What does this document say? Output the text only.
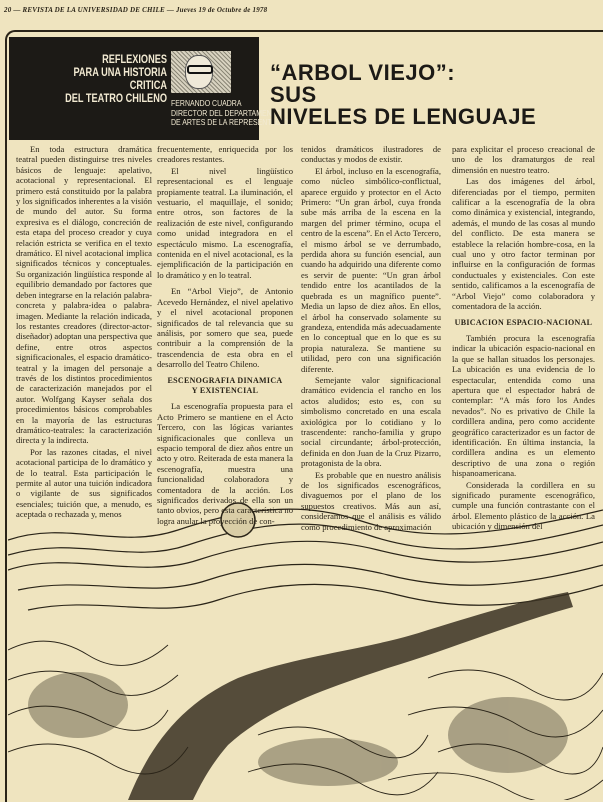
20 — REVISTA DE LA UNIVERSIDAD DE CHILE — Jueves 19 de Octubre de 1978
REFLEXIONES
PARA UNA HISTORIA CRITICA
DEL TEATRO CHILENO FERNANDO CUADRA
DIRECTOR DEL DEPARTAMENTO
DE ARTES DE LA REPRESENTACION
“ARBOL VIEJO”:
SUS
NIVELES DE LENGUAJE

En toda estructura dramática teatral pueden distinguirse tres niveles básicos de lenguaje: apelativo, acotacional y representacional. El primero está constituido por la palabra y los significados inherentes a la visión de mundo del autor. Su forma expresiva es el diálogo, concreción de esta etapa del proceso creador y cuya relación estricta se verifica en el texto dramático. El nivel acotacional implica significados técnicos y conceptuales. Su organización lingüística responde al equilibrio demandado por factores que deben integrarse en la relación palabra-concreta y palabra-idea o palabra-imagen. Mediante la relación indicada, los restantes creadores (director-actor-diseñador) adoptan una perspectiva que define, entre otros aspectos significacionales, el espacio dramático-teatral y la imagen del personaje a través de los distintos procedimientos de caracterización manejados por el autor. Wolfgang Kayser señala dos procedimientos básicos comprobables en la mayoría de las estructuras dramático-teatrales: la caracterización directa y la indirecta.

Por las razones citadas, el nivel acotacional participa de lo dramático y de lo teatral. Esta participación le permite al autor una tuición indicadora o vigilante de sus significados esenciales; tuición que, a menudo, es aceptada o rechazada y, menos

frecuentemente, enriquecida por los creadores restantes.

El nivel lingüístico representacional es el lenguaje propiamente teatral. La iluminación, el vestuario, el maquillaje, el sonido; entre otros, son factores de la realización de este nivel, configurando como unidad integradora en el espectáculo mismo. La escenografía, contenida en el nivel acotacional, es la ejemplificación de la participación en lo dramático y en lo teatral.

En “Arbol Viejo”, de Antonio Acevedo Hernández, el nivel apelativo y el nivel acotacional proponen significados de tal relevancia que su análisis, por somero que sea, puede contribuir a la comprensión de la trascendencia de esta obra en el desarrollo del Teatro Chileno.

ESCENOGRAFIA DINAMICA
Y EXISTENCIAL

La escenografía propuesta para el Acto Primero se mantiene en el Acto Tercero, con las lógicas variantes significacionales que conlleva un espacio temporal de diez años entre un acto y otro. Reiterada de esta manera la escenografía, muestra una funcionalidad colaboradora y comentadora de la acción. Los significados derivados de ella son un tanto obvios, pero esta característica no logra anular la proyección de con-

tenidos dramáticos ilustradores de conductas y modos de existir.

El árbol, incluso en la escenografía, como núcleo simbólico-conflictual, aparece erguido y protector en el Acto Primero: “Un gran árbol, cuya fronda sube más arriba de la escena en la margen del primer término, ocupa el centro de la escena”. En el Acto Tercero, el mismo árbol se ve derrumbado, perdida ahora su función esencial, aun cuando ha adquirido una diferente como es servir de puente: “Un gran árbol tendido entre los acantilados de la quebrada es un magnífico puente”. Media un lapso de diez años. En ellos, el árbol ha conservado solamente su grandeza, entendida más adecuadamente en lo conceptual que en lo que es su propia naturaleza. Se mantiene su utilidad, pero con una significación diferente.

Semejante valor significacional dramático evidencia el rancho en los actos aludidos; esto es, con su simbolismo concretado en una escala axiológica por lo cotidiano y lo trascendente: rancho-familia y grupo social circundante; árbol-protección, definida en don Juan de la Cruz Pizarro, protagonista de la obra.

Es probable que en nuestro análisis de los significados escenográficos, divaguemos por el plano de los supuestos creativos. Más aun así, consideramos que el análisis es válido como procedimiento de aproximación

para explicitar el proceso creacional de uno de los dramaturgos de real dimensión en nuestro teatro.

Las dos imágenes del árbol, diferenciadas por el tiempo, permiten calificar a la escenografía de la obra como dinámica y existencial, integrando, además, el mundo de las cosas al mundo del conflicto. De esta manera se establece la relación hombre-cosa, en la cual uno y otro factor terminan por influirse en la configuración de formas conductuales y existenciales. Con este sentido, calificamos a la escenografía de “Arbol Viejo” como colaboradora y comentadora de la acción.

UBICACION ESPACIO-NACIONAL

También procura la escenografía indicar la ubicación espacio-nacional en la que se hallan situados los personajes. La ubicación es una evidencia de lo espectacular, entendida como una apertura que el espectador habrá de contemplar: “A más foro los Andes nevados”. No es privativo de Chile la cordillera andina, pero como accidente geográfico caracterizador es un factor de identificación. En última instancia, la cordillera andina es un elemento descriptivo de una zona o región hispanoamericana.

Considerada la cordillera en su significado puramente escenográfico, cumple una función contrastante con el árbol. Elemento plástico de la acción. La ubicación y dimensión del
